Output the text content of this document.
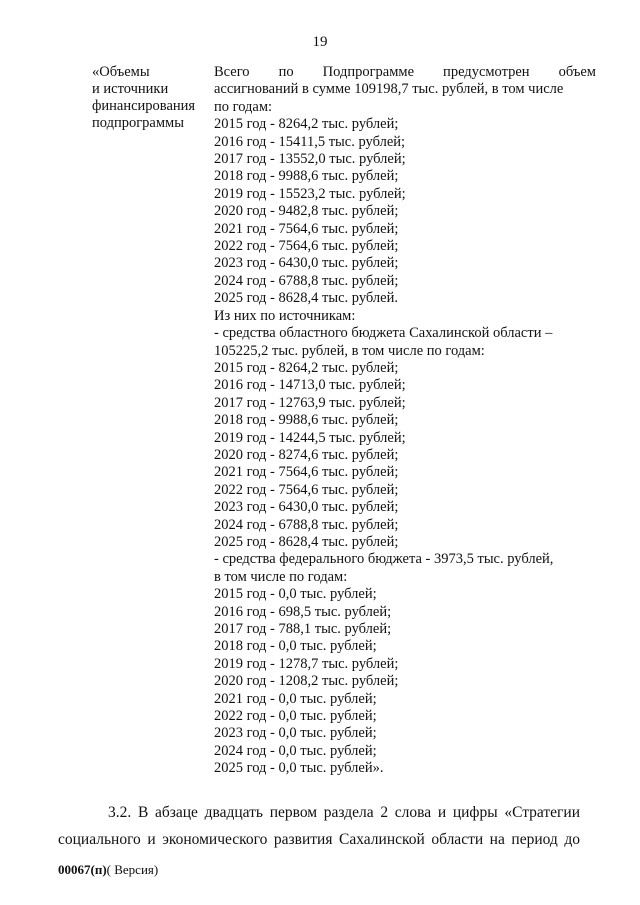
19
«Объемы
и источники
финансирования
подпрограммы
Всего по Подпрограмме предусмотрен объем
ассигнований в сумме 109198,7 тыс. рублей, в том числе
по годам:
2015 год - 8264,2 тыс. рублей;
2016 год - 15411,5 тыс. рублей;
2017 год - 13552,0 тыс. рублей;
2018 год - 9988,6 тыс. рублей;
2019 год - 15523,2 тыс. рублей;
2020 год - 9482,8 тыс. рублей;
2021 год - 7564,6 тыс. рублей;
2022 год - 7564,6 тыс. рублей;
2023 год - 6430,0 тыс. рублей;
2024 год - 6788,8 тыс. рублей;
2025 год - 8628,4 тыс. рублей.
Из них по источникам:
- средства областного бюджета Сахалинской области –
105225,2 тыс. рублей, в том числе по годам:
2015 год - 8264,2 тыс. рублей;
2016 год - 14713,0 тыс. рублей;
2017 год - 12763,9 тыс. рублей;
2018 год - 9988,6 тыс. рублей;
2019 год - 14244,5 тыс. рублей;
2020 год - 8274,6 тыс. рублей;
2021 год - 7564,6 тыс. рублей;
2022 год - 7564,6 тыс. рублей;
2023 год - 6430,0 тыс. рублей;
2024 год - 6788,8 тыс. рублей;
2025 год - 8628,4 тыс. рублей;
- средства федерального бюджета - 3973,5 тыс. рублей,
в том числе по годам:
2015 год - 0,0 тыс. рублей;
2016 год - 698,5 тыс. рублей;
2017 год - 788,1 тыс. рублей;
2018 год - 0,0 тыс. рублей;
2019 год - 1278,7 тыс. рублей;
2020 год - 1208,2 тыс. рублей;
2021 год - 0,0 тыс. рублей;
2022 год - 0,0 тыс. рублей;
2023 год - 0,0 тыс. рублей;
2024 год - 0,0 тыс. рублей;
2025 год - 0,0 тыс. рублей».
3.2. В абзаце двадцать первом раздела 2 слова и цифры «Стратегии
социального и экономического развития Сахалинской области на период до
00067(п)( Версия)
